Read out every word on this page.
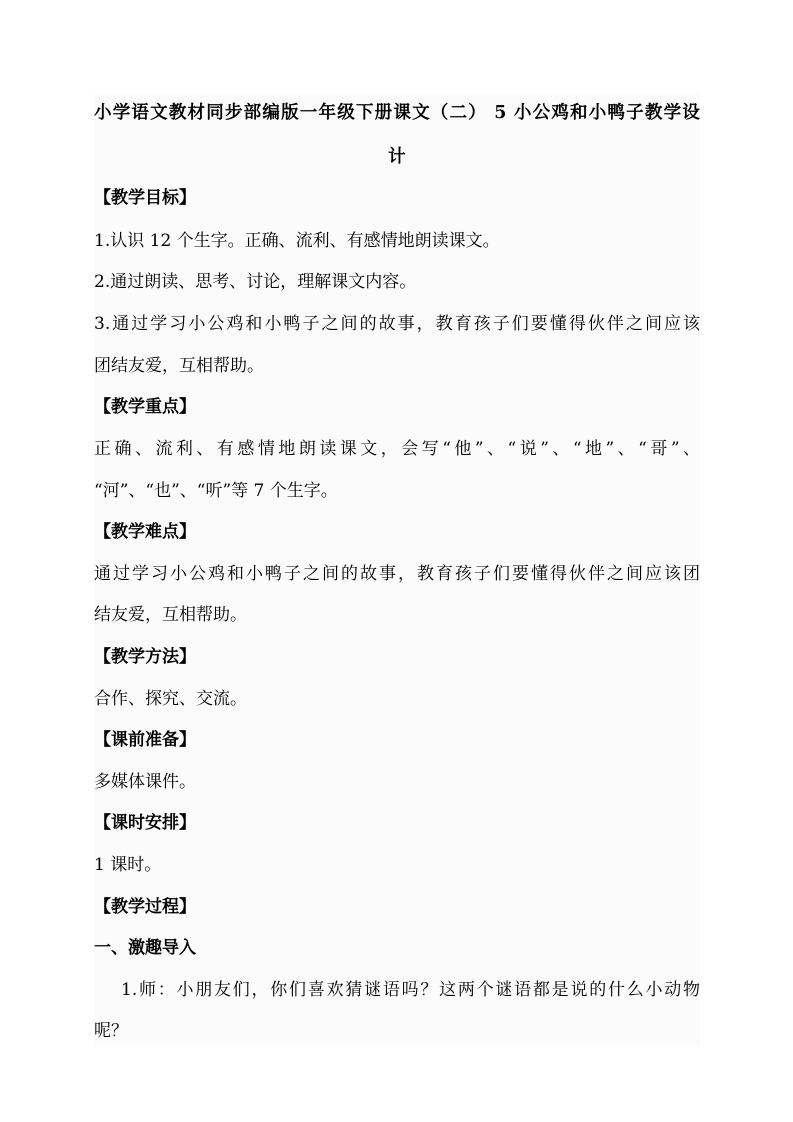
小学语文教材同步部编版一年级下册课文（二） 5 小公鸡和小鸭子教学设
计
【教学目标】
1.认识 12 个生字。正确、流利、有感情地朗读课文。
2.通过朗读、思考、讨论，理解课文内容。
3.通过学习小公鸡和小鸭子之间的故事，教育孩子们要懂得伙伴之间应该
团结友爱，互相帮助。
【教学重点】
正确、流利、有感情地朗读课文，会写“他”、“说”、“地”、“哥”、
“河”、“也”、“听”等 7 个生字。
【教学难点】
通过学习小公鸡和小鸭子之间的故事，教育孩子们要懂得伙伴之间应该团
结友爱，互相帮助。
【教学方法】
合作、探究、交流。
【课前准备】
多媒体课件。
【课时安排】
1 课时。
【教学过程】
一、激趣导入
1.师：小朋友们，你们喜欢猜谜语吗？这两个谜语都是说的什么小动物
呢？
